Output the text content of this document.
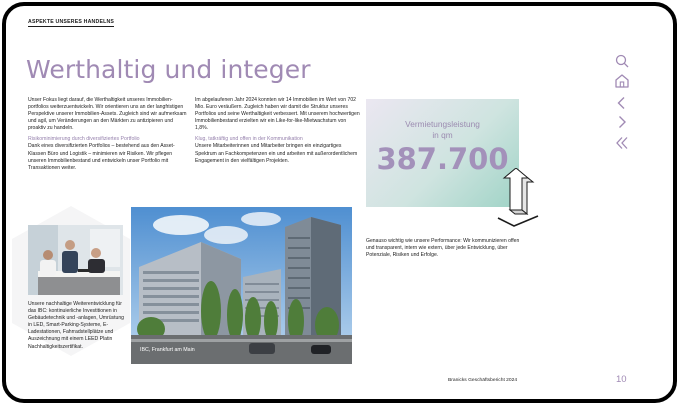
ASPEKTE UNSERES HANDELNS
Werthaltig und integer

Unser Fokus liegt darauf, die Werthaltigkeit unseres Immobilienportfolios weiterzuentwickeln. Wir orientieren uns an der langfristigen Perspektive unserer Immobilien-Assets. Zugleich sind wir aufmerksam und agil, um Veränderungen an den Märkten zu antizipieren und proaktiv zu handeln.

Risikominimierung durch diversifiziertes Portfolio

Dank eines diversifizierten Portfolios – bestehend aus den Asset-Klassen Büro und Logistik – minimieren wir Risiken. Wir pflegen unseren Immobilienbestand und entwickeln unser Portfolio mit Transaktionen weiter.

Im abgelaufenen Jahr 2024 konnten wir 14 Immobilien im Wert von 702 Mio. Euro veräußern. Zugleich haben wir damit die Struktur unseres Portfolios und seine Werthaltigkeit verbessert. Mit unserem hochwertigen Immobilienbestand erzielten wir ein Like-for-like-Mietwachstum von 1,8%.

Klug, tatkräftig und offen in der Kommunikation

Unsere Mitarbeiterinnen und Mitarbeiter bringen ein einzigartiges Spektrum an Fachkompetenzen ein und arbeiten mit außerordentlichem Engagement in den vielfältigen Projekten.

Vermietungsleistung
in qm
387.700

Genauso wichtig wie unsere Performance: Wir kommunizieren offen und transparent, intern wie extern, über jede Entwicklung, über Potenziale, Risiken und Erfolge.

IBC, Frankfurt am Main

Unsere nachhaltige Weiterentwicklung für das IBC: kontinuierliche Investitionen in Gebäudetechnik und -anlagen, Umrüstung in LED, Smart-Parking-Systeme, E-Ladestationen, Fahrradstellplätze und Auszeichnung mit einem LEED Platin Nachhaltigkeitszertifikat.

Branicks Geschäftsbericht 2024	10
